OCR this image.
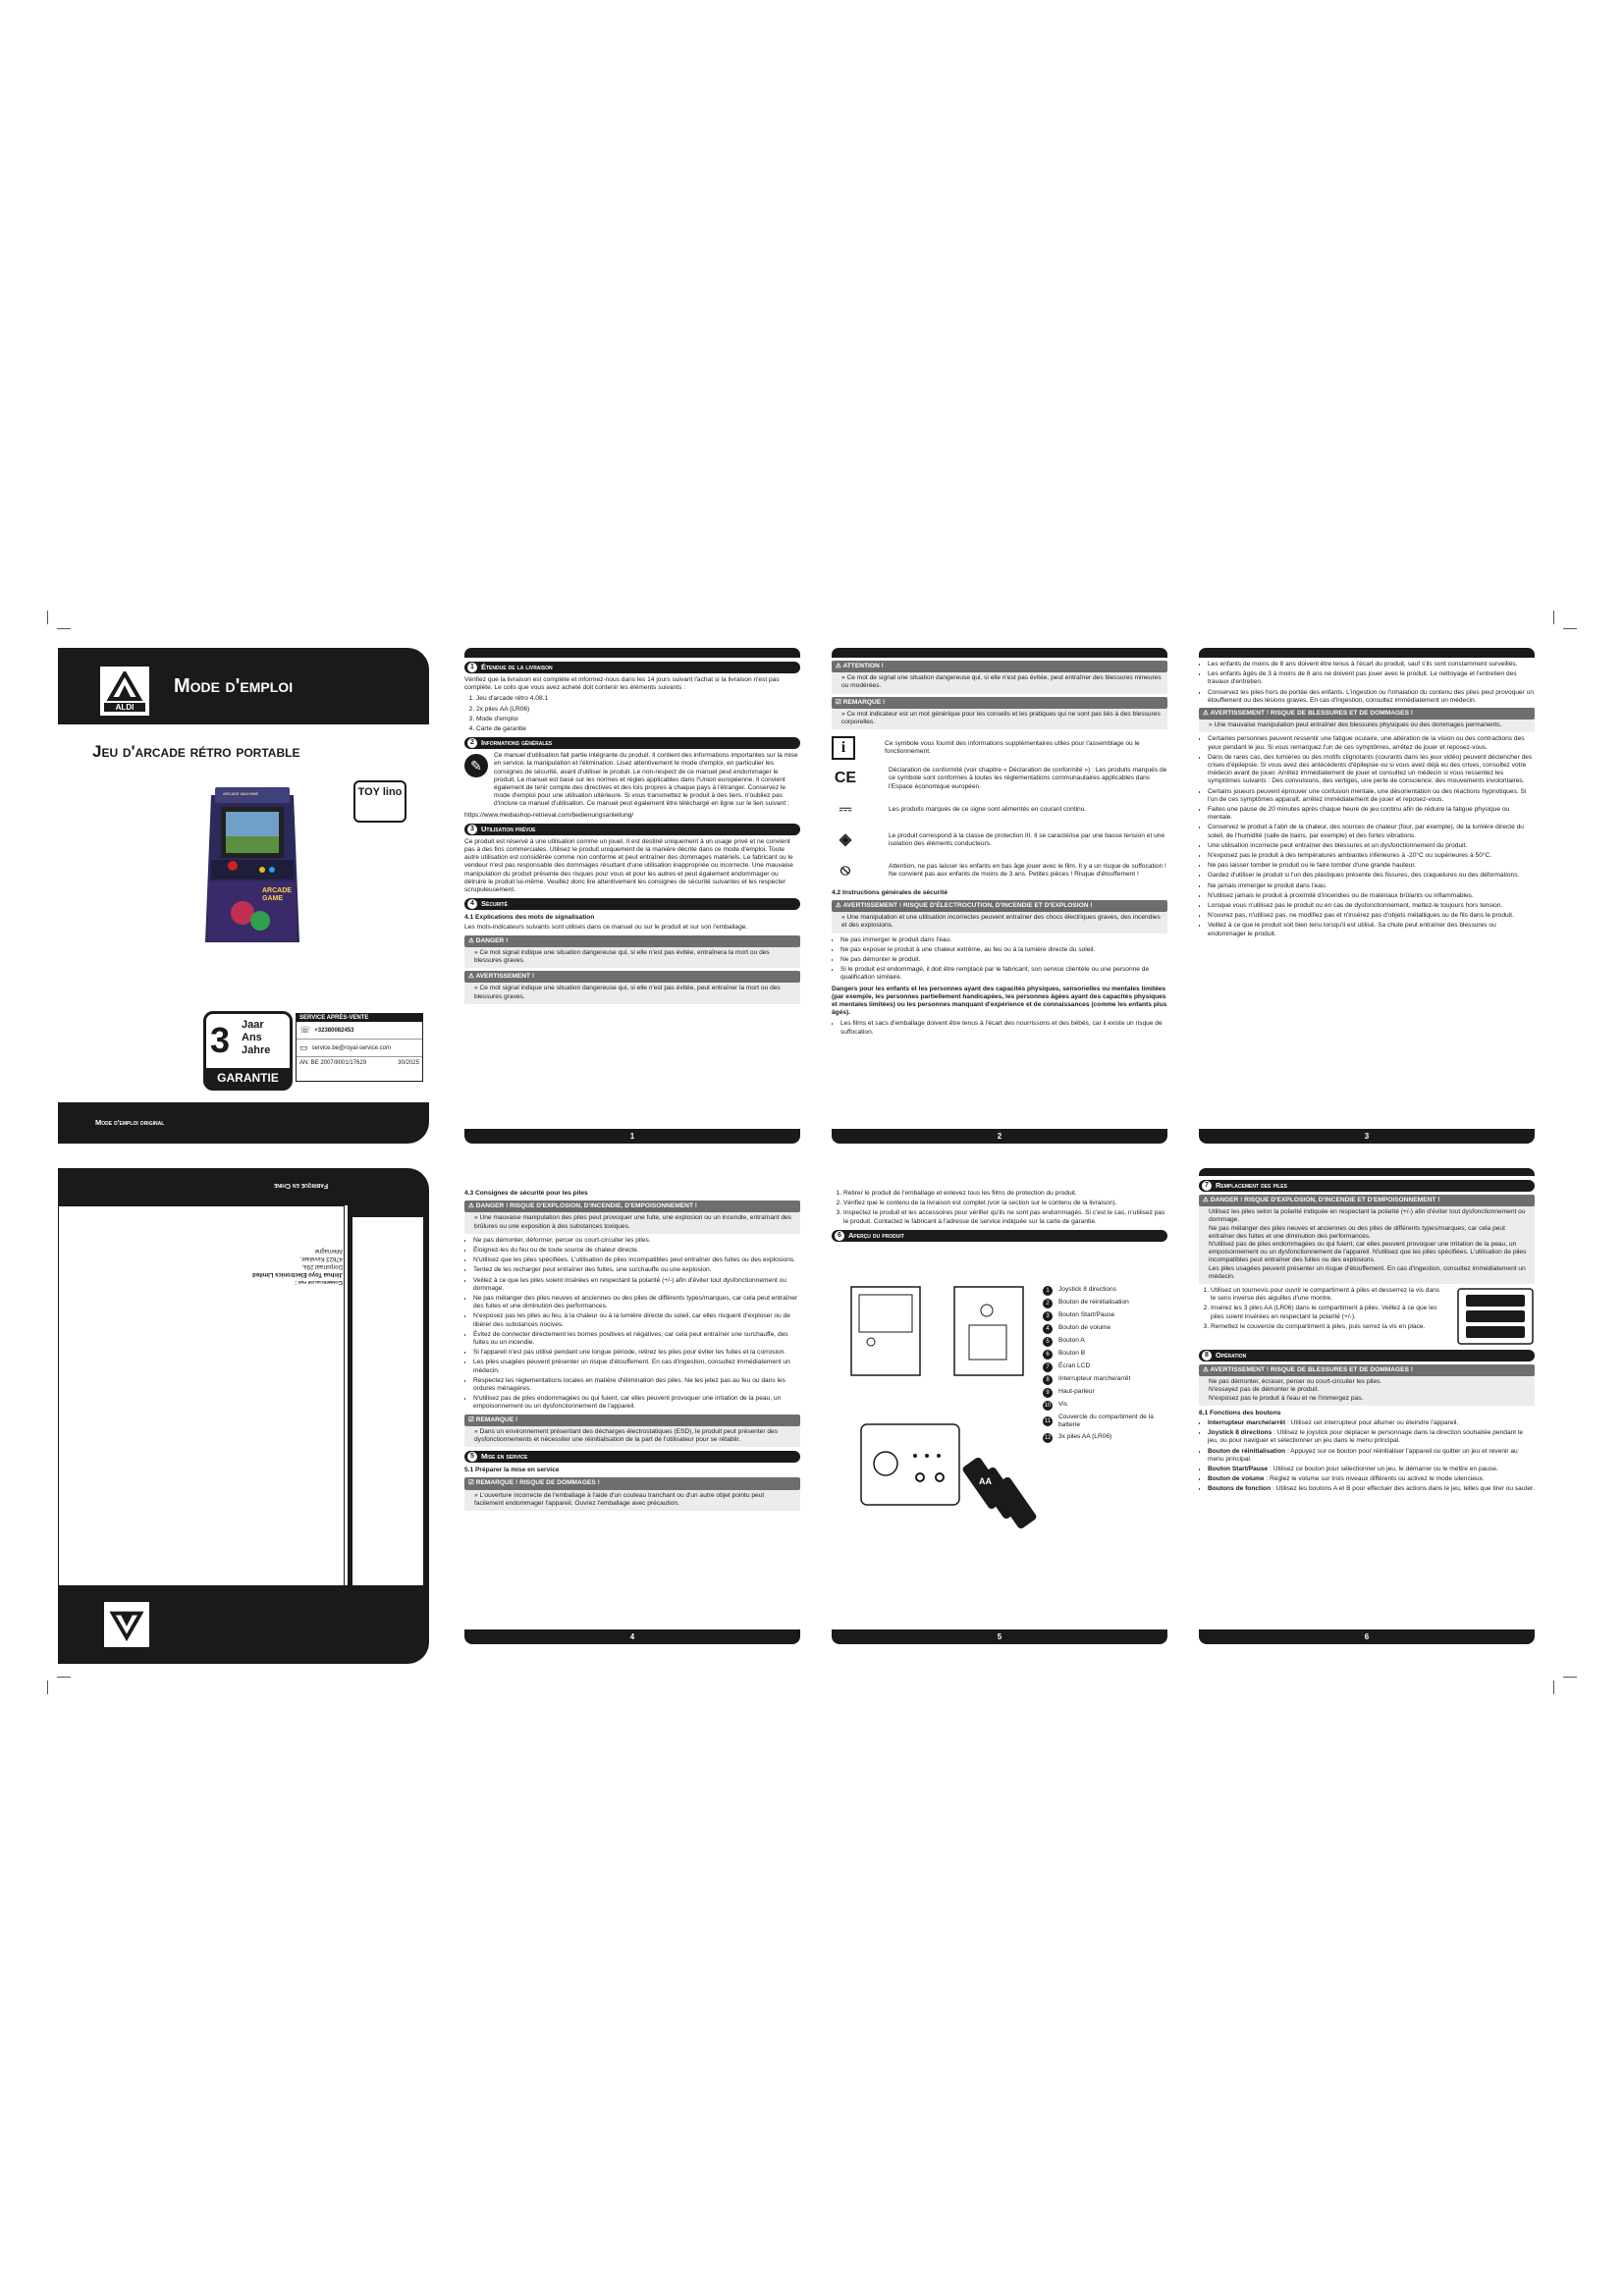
ALDI
Mode d'emploi
Jeu d'arcade rétro portable
ARCADE MACHINE
ARCADE GAME
TOY lino
3 Jaar
Ans
Jahre
GARANTIE
SERVICE APRÈS-VENTE
☏ +32380082453
▭ service.be@royal-service.com
AN: BE 2007/8001/17629	30/2025
Mode d'emploi original
Fabriqué en Chine
Commercialisé par :
Jinhua Toyo Electronics Limited
Dorpstraat 29a,
47623 Kevelaer,
Allemagne
1 Étendue de la livraison

Vérifiez que la livraison est complète et informez-nous dans les 14 jours suivant l'achat si la livraison n'est pas complète. Le colis que vous avez acheté doit contenir les éléments suivants :

1. Jeu d'arcade rétro 4.08.1
2. 2x piles AA (LR06)
3. Mode d'emploi
4. Carte de garantie
2 Informations générales
✎

Ce manuel d'utilisation fait partie intégrante du produit. Il contient des informations importantes sur la mise en service, la manipulation et l'élimination. Lisez attentivement le mode d'emploi, en particulier les consignes de sécurité, avant d'utiliser le produit. Le non-respect de ce manuel peut endommager le produit. Le manuel est basé sur les normes et règles applicables dans l'Union européenne. Il convient également de tenir compte des directives et des lois propres à chaque pays à l'étranger. Conservez le mode d'emploi pour une utilisation ultérieure. Si vous transmettez le produit à des tiers, n'oubliez pas d'inclure ce manuel d'utilisation. Ce manuel peut également être téléchargé en ligne sur le lien suivant :

https://www.mediashop-retrieval.com/bedienungsanleitung/

3 Utilisation prévue

Ce produit est réservé à une utilisation comme un jouet. Il est destiné uniquement à un usage privé et ne convient pas à des fins commerciales. Utilisez le produit uniquement de la manière décrite dans ce mode d'emploi. Toute autre utilisation est considérée comme non conforme et peut entraîner des dommages matériels. Le fabricant ou le vendeur n'est pas responsable des dommages résultant d'une utilisation inappropriée ou incorrecte. Une mauvaise manipulation du produit présente des risques pour vous et pour les autres et peut également endommager ou détruire le produit lui-même. Veuillez donc lire attentivement les consignes de sécurité suivantes et les respecter scrupuleusement.

4 Sécurité
4.1 Explications des mots de signalisation

Les mots-indicateurs suivants sont utilisés dans ce manuel ou sur le produit et sur son l'emballage.

⚠ DANGER !
» Ce mot signal indique une situation dangereuse qui, si elle n'est pas évitée, entraînera la mort ou des blessures graves.
⚠ AVERTISSEMENT !
» Ce mot signal indique une situation dangereuse qui, si elle n'est pas évitée, peut entraîner la mort ou des blessures graves.
1
⚠ ATTENTION !
» Ce mot de signal une situation dangereuse qui, si elle n'est pas évitée, peut entraîner des blessures mineures ou modérées.
☑ REMARQUE !
» Ce mot indicateur est un mot générique pour les conseils et les pratiques qui ne sont pas liés à des blessures corporelles.
i	Ce symbole vous fournit des informations supplémentaires utiles pour l'assemblage ou le fonctionnement.
CE	Déclaration de conformité (voir chapitre « Déclaration de conformité ») : Les produits marqués de ce symbole sont conformes à toutes les réglementations communautaires applicables dans l'Espace économique européen.
⎓	Les produits marqués de ce signe sont alimentés en courant continu.
◈	Le produit correspond à la classe de protection III. Il se caractérise par une basse tension et une isolation des éléments conducteurs.
⦸	Attention, ne pas laisser les enfants en bas âge jouer avec le film. Il y a un risque de suffocation ! Ne convient pas aux enfants de moins de 3 ans. Petites pièces ! Risque d'étouffement !
4.2 Instructions générales de sécurité
⚠ AVERTISSEMENT ! RISQUE D'ÉLECTROCUTION, D'INCENDIE ET D'EXPLOSION !
» Une manipulation et une utilisation incorrectes peuvent entraîner des chocs électriques graves, des incendies et des explosions.
• Ne pas immerger le produit dans l'eau.
• Ne pas exposer le produit à une chaleur extrême, au feu ou à la lumière directe du soleil.
• Ne pas démonter le produit.
• Si le produit est endommagé, il doit être remplacé par le fabricant, son service clientèle ou une personne de qualification similaire.

Dangers pour les enfants et les personnes ayant des capacités physiques, sensorielles ou mentales limitées (par exemple, les personnes partiellement handicapées, les personnes âgées ayant des capacités physiques et mentales limitées) ou les personnes manquant d'expérience et de connaissances (comme les enfants plus âgés).

• Les films et sacs d'emballage doivent être tenus à l'écart des nourrissons et des bébés, car il existe un risque de suffocation.
2
• Les enfants de moins de 8 ans doivent être tenus à l'écart du produit, sauf s'ils sont constamment surveillés.
• Les enfants âgés de 3 à moins de 8 ans ne doivent pas jouer avec le produit. Le nettoyage et l'entretien des travaux d'entretien.
• Conservez les piles hors de portée des enfants. L'ingestion ou l'inhalation du contenu des piles peut provoquer un étouffement ou des lésions graves. En cas d'ingestion, consultez immédiatement un médecin.
⚠ AVERTISSEMENT ! RISQUE DE BLESSURES ET DE DOMMAGES !
» Une mauvaise manipulation peut entraîner des blessures physiques ou des dommages permanents.
• Certaines personnes peuvent ressentir une fatigue oculaire, une altération de la vision ou des contractions des yeux pendant le jeu. Si vous remarquez l'un de ces symptômes, arrêtez de jouer et reposez-vous.
• Dans de rares cas, des lumières ou des motifs clignotants (courants dans les jeux vidéo) peuvent déclencher des crises d'épilepsie. Si vous avez des antécédents d'épilepsie ou si vous avez déjà eu des crises, consultez votre médecin avant de jouer. Arrêtez immédiatement de jouer et consultez un médecin si vous ressentez les symptômes suivants : Des convulsions, des vertiges, une perte de conscience, des mouvements involontaires.
• Certains joueurs peuvent éprouver une confusion mentale, une désorientation ou des réactions hypnotiques. Si l'un de ces symptômes apparaît, arrêtez immédiatement de jouer et reposez-vous.
• Faites une pause de 20 minutes après chaque heure de jeu continu afin de réduire la fatigue physique ou mentale.
• Conservez le produit à l'abri de la chaleur, des sources de chaleur (four, par exemple), de la lumière directe du soleil, de l'humidité (salle de bains, par exemple) et des fortes vibrations.
• Une utilisation incorrecte peut entraîner des blessures et un dysfonctionnement du produit.
• N'exposez pas le produit à des températures ambiantes inférieures à -20°C ou supérieures à 50°C.
• Ne pas laisser tomber le produit ou le faire tomber d'une grande hauteur.
• Gardez d'utiliser le produit si l'un des plastiques présente des fissures, des craquelures ou des déformations.
• Ne jamais immerger le produit dans l'eau.
• N'utilisez jamais le produit à proximité d'incendies ou de matériaux brûlants ou inflammables.
• Lorsque vous n'utilisez pas le produit ou en cas de dysfonctionnement, mettez-le toujours hors tension.
• N'ouvrez pas, n'utilisez pas, ne modifiez pas et n'insérez pas d'objets métalliques ou de fils dans le produit.
• Veillez à ce que le produit soit bien tenu lorsqu'il est utilisé. Sa chute peut entraîner des blessures ou endommager le produit.
3
4.3 Consignes de sécurité pour les piles
⚠ DANGER ! RISQUE D'EXPLOSION, D'INCENDIE, D'EMPOISONNEMENT !
» Une mauvaise manipulation des piles peut provoquer une fuite, une explosion ou un incendie, entraînant des brûlures ou une exposition à des substances toxiques.
• Ne pas démonter, déformer, percer ou court-circuiter les piles.
• Éloignez-les du feu ou de toute source de chaleur directe.
• N'utilisez que les piles spécifiées. L'utilisation de piles incompatibles peut entraîner des fuites ou des explosions.
• Tentez de les recharger peut entraîner des fuites, une surchauffe ou une explosion.
• Veillez à ce que les piles soient insérées en respectant la polarité (+/-) afin d'éviter tout dysfonctionnement ou dommage.
• Ne pas mélanger des piles neuves et anciennes ou des piles de différents types/marques, car cela peut entraîner des fuites et une diminution des performances.
• N'exposez pas les piles au feu, à la chaleur ou à la lumière directe du soleil, car elles risquent d'exploser ou de libérer des substances nocives.
• Évitez de connecter directement les bornes positives et négatives, car cela peut entraîner une surchauffe, des fuites ou un incendie.
• Si l'appareil n'est pas utilisé pendant une longue période, retirez les piles pour éviter les fuites et la corrosion.
• Les piles usagées peuvent présenter un risque d'étouffement. En cas d'ingestion, consultez immédiatement un médecin.
• Respectez les réglementations locales en matière d'élimination des piles. Ne les jetez pas au feu ou dans les ordures ménagères.
• N'utilisez pas de piles endommagées ou qui fuient, car elles peuvent provoquer une irritation de la peau, un empoisonnement ou un dysfonctionnement de l'appareil.
☑ REMARQUE !
» Dans un environnement présentant des décharges électrostatiques (ESD), le produit peut présenter des dysfonctionnements et nécessiter une réinitialisation de la part de l'utilisateur pour se rétablir.
5 Mise en service
5.1 Préparer la mise en service
☑ REMARQUE ! RISQUE DE DOMMAGES !
» L'ouverture incorrecte de l'emballage à l'aide d'un couteau tranchant ou d'un autre objet pointu peut facilement endommager l'appareil. Ouvrez l'emballage avec précaution.
4
1. Retirer le produit de l'emballage et enlevez tous les films de protection du produit.
2. Vérifiez que le contenu de la livraison est complet (voir la section sur le contenu de la livraison).
3. Inspectez le produit et les accessoires pour vérifier qu'ils ne sont pas endommagés. Si c'est le cas, n'utilisez pas le produit. Contactez le fabricant à l'adresse de service indiquée sur la carte de garantie.
6 Aperçu du produit
AA
1	Joystick 8 directions
2	Bouton de réinitialisation
3	Bouton Start/Pause
4	Bouton de volume
5	Bouton A
6	Bouton B
7	Écran LCD
8	Interrupteur marche/arrêt
9	Haut-parleur
10 Vis
11
Couvercle du compartiment de la batterie
12 3x piles AA (LR06)
5
7 Remplacement des piles
⚠ DANGER ! RISQUE D'EXPLOSION, D'INCENDIE ET D'EMPOISONNEMENT !
Utilisez les piles selon la polarité indiquée en respectant la polarité (+/-) afin d'éviter tout dysfonctionnement ou dommage.
Ne pas mélanger des piles neuves et anciennes ou des piles de différents types/marques, car cela peut entraîner des fuites et une diminution des performances.
N'utilisez pas de piles endommagées ou qui fuient, car elles peuvent provoquer une irritation de la peau, un empoisonnement ou un dysfonctionnement de l'appareil. N'utilisez que les piles spécifiées. L'utilisation de piles incompatibles peut entraîner des fuites ou des explosions.
Les piles usagées peuvent présenter un risque d'étouffement. En cas d'ingestion, consultez immédiatement un médecin.
1. Utilisez un tournevis pour ouvrir le compartiment à piles et desserrez la vis dans le sens inverse des aiguilles d'une montre.
2. Insérez les 3 piles AA (LR06) dans le compartiment à piles. Veillez à ce que les piles soient insérées en respectant la polarité (+/-).
3. Remettez le couvercle du compartiment à piles, puis serrez la vis en place.
8 Opération
⚠ AVERTISSEMENT ! RISQUE DE BLESSURES ET DE DOMMAGES !
Ne pas démonter, écraser, percer ou court-circuiter les piles.
N'essayez pas de démonter le produit.
N'exposez pas le produit à l'eau et ne l'immergez pas.
8.1 Fonctions des boutons
• Interrupteur marche/arrêt : Utilisez cet interrupteur pour allumer ou éteindre l'appareil.
• Joystick 8 directions : Utilisez le joystick pour déplacer le personnage dans la direction souhaitée pendant le jeu, ou pour naviguer et sélectionner un jeu dans le menu principal.
• Bouton de réinitialisation : Appuyez sur ce bouton pour réinitialiser l'appareil ou quitter un jeu et revenir au menu principal.
• Bouton Start/Pause : Utilisez ce bouton pour sélectionner un jeu, le démarrer ou le mettre en pause.
• Bouton de volume : Réglez le volume sur trois niveaux différents ou activez le mode silencieux.
• Boutons de fonction : Utilisez les boutons A et B pour effectuer des actions dans le jeu, telles que tirer ou sauter.
6
